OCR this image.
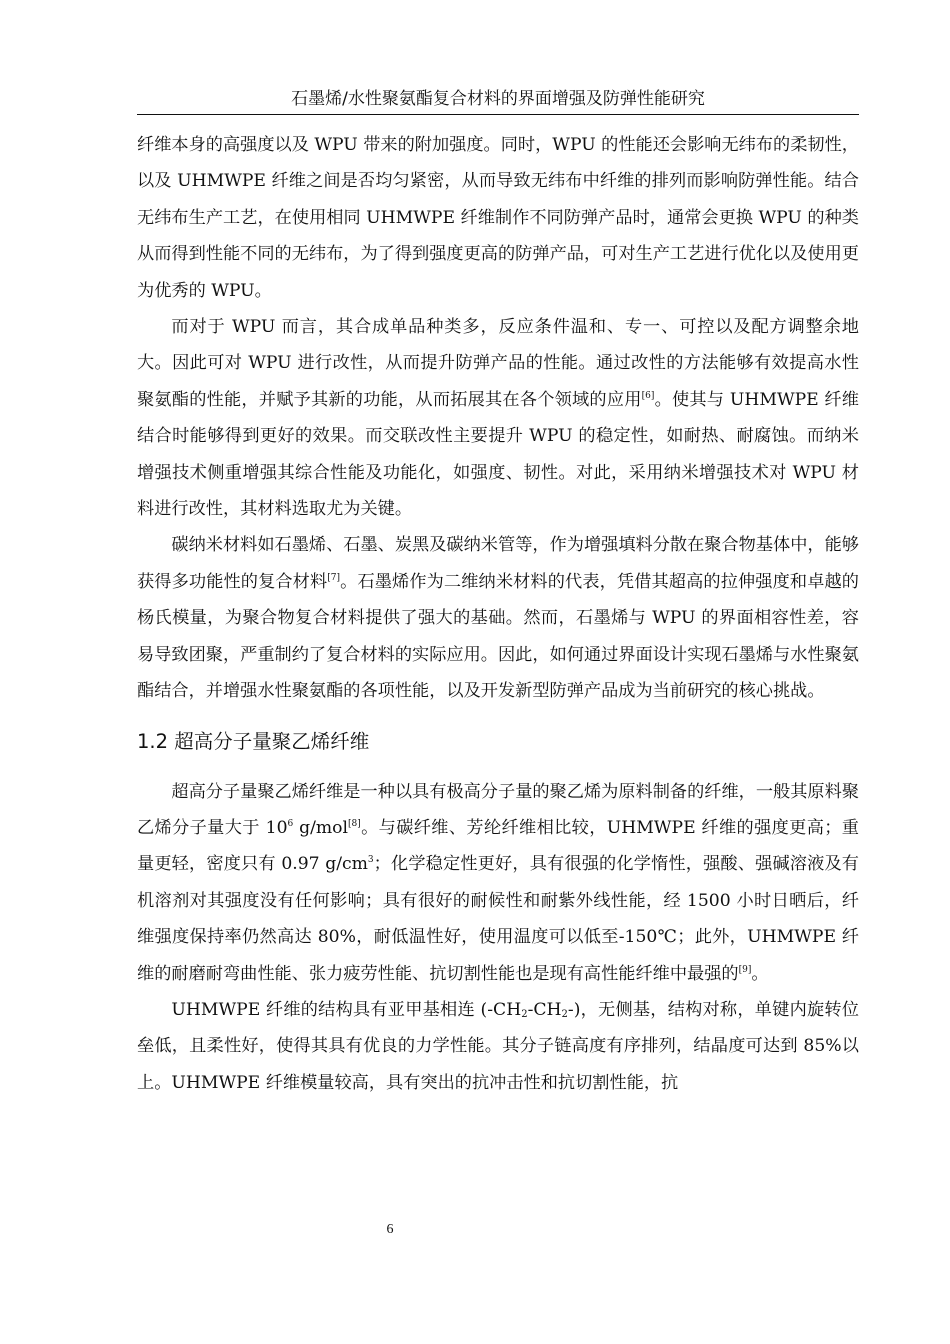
石墨烯/水性聚氨酯复合材料的界面增强及防弹性能研究

纤维本身的高强度以及 WPU 带来的附加强度。同时，WPU 的性能还会影响无纬布的柔韧性，以及 UHMWPE 纤维之间是否均匀紧密，从而导致无纬布中纤维的排列而影响防弹性能。结合无纬布生产工艺，在使用相同 UHMWPE 纤维制作不同防弹产品时，通常会更换 WPU 的种类从而得到性能不同的无纬布，为了得到强度更高的防弹产品，可对生产工艺进行优化以及使用更为优秀的 WPU。

而对于 WPU 而言，其合成单品种类多，反应条件温和、专一、可控以及配方调整余地大。因此可对 WPU 进行改性，从而提升防弹产品的性能。通过改性的方法能够有效提高水性聚氨酯的性能，并赋予其新的功能，从而拓展其在各个领域的应用[6]。使其与 UHMWPE 纤维结合时能够得到更好的效果。而交联改性主要提升 WPU 的稳定性，如耐热、耐腐蚀。而纳米增强技术侧重增强其综合性能及功能化，如强度、韧性。对此，采用纳米增强技术对 WPU 材料进行改性，其材料选取尤为关键。

碳纳米材料如石墨烯、石墨、炭黑及碳纳米管等，作为增强填料分散在聚合物基体中，能够获得多功能性的复合材料[7]。石墨烯作为二维纳米材料的代表，凭借其超高的拉伸强度和卓越的杨氏模量，为聚合物复合材料提供了强大的基础。然而，石墨烯与 WPU 的界面相容性差，容易导致团聚，严重制约了复合材料的实际应用。因此，如何通过界面设计实现石墨烯与水性聚氨酯结合，并增强水性聚氨酯的各项性能，以及开发新型防弹产品成为当前研究的核心挑战。

1.2 超高分子量聚乙烯纤维

超高分子量聚乙烯纤维是一种以具有极高分子量的聚乙烯为原料制备的纤维，一般其原料聚乙烯分子量大于 $10^6$ g/mol[8]。与碳纤维、芳纶纤维相比较，UHMWPE 纤维的强度更高；重量更轻，密度只有 0.97 $g/cm^3$；化学稳定性更好，具有很强的化学惰性，强酸、强碱溶液及有机溶剂对其强度没有任何影响；具有很好的耐候性和耐紫外线性能，经 1500 小时日晒后，纤维强度保持率仍然高达 80%，耐低温性好，使用温度可以低至-150℃；此外，UHMWPE 纤维的耐磨耐弯曲性能、张力疲劳性能、抗切割性能也是现有高性能纤维中最强的[9]。

UHMWPE 纤维的结构具有亚甲基相连 $(-CH_2-CH_2-)$，无侧基，结构对称，单键内旋转位垒低，且柔性好，使得其具有优良的力学性能。其分子链高度有序排列，结晶度可达到 85%以上。UHMWPE 纤维模量较高，具有突出的抗冲击性和抗切割性能，抗

6
